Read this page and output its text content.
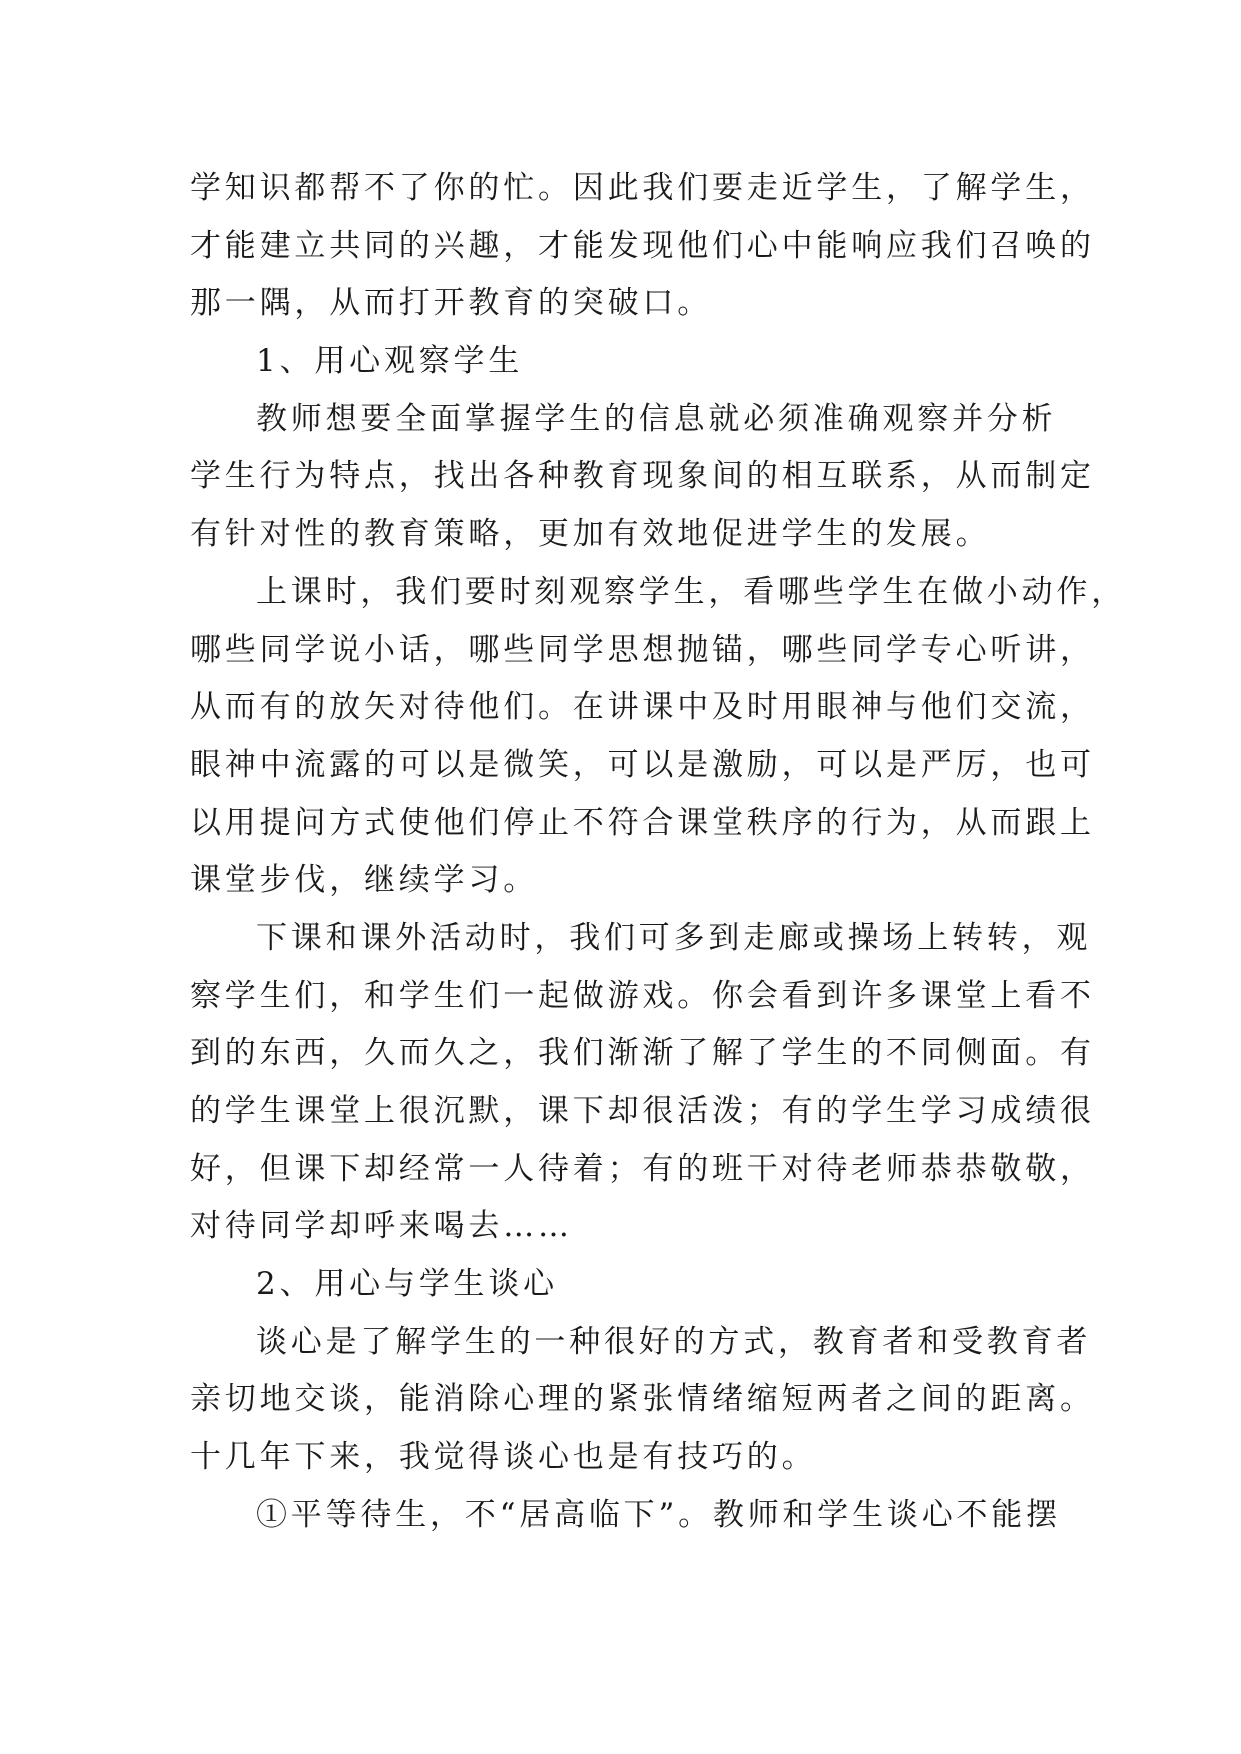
学知识都帮不了你的忙。因此我们要走近学生，了解学生，
才能建立共同的兴趣，才能发现他们心中能响应我们召唤的
那一隅，从而打开教育的突破口。
1、用心观察学生
教师想要全面掌握学生的信息就必须准确观察并分析
学生行为特点，找出各种教育现象间的相互联系，从而制定
有针对性的教育策略，更加有效地促进学生的发展。
上课时，我们要时刻观察学生，看哪些学生在做小动作，
哪些同学说小话，哪些同学思想抛锚，哪些同学专心听讲，
从而有的放矢对待他们。在讲课中及时用眼神与他们交流，
眼神中流露的可以是微笑，可以是激励，可以是严厉，也可
以用提问方式使他们停止不符合课堂秩序的行为，从而跟上
课堂步伐，继续学习。
下课和课外活动时，我们可多到走廊或操场上转转，观
察学生们，和学生们一起做游戏。你会看到许多课堂上看不
到的东西，久而久之，我们渐渐了解了学生的不同侧面。有
的学生课堂上很沉默，课下却很活泼；有的学生学习成绩很
好，但课下却经常一人待着；有的班干对待老师恭恭敬敬，
对待同学却呼来喝去……
2、用心与学生谈心
谈心是了解学生的一种很好的方式，教育者和受教育者
亲切地交谈，能消除心理的紧张情绪缩短两者之间的距离。
十几年下来，我觉得谈心也是有技巧的。
①平等待生，不“居高临下”。教师和学生谈心不能摆
